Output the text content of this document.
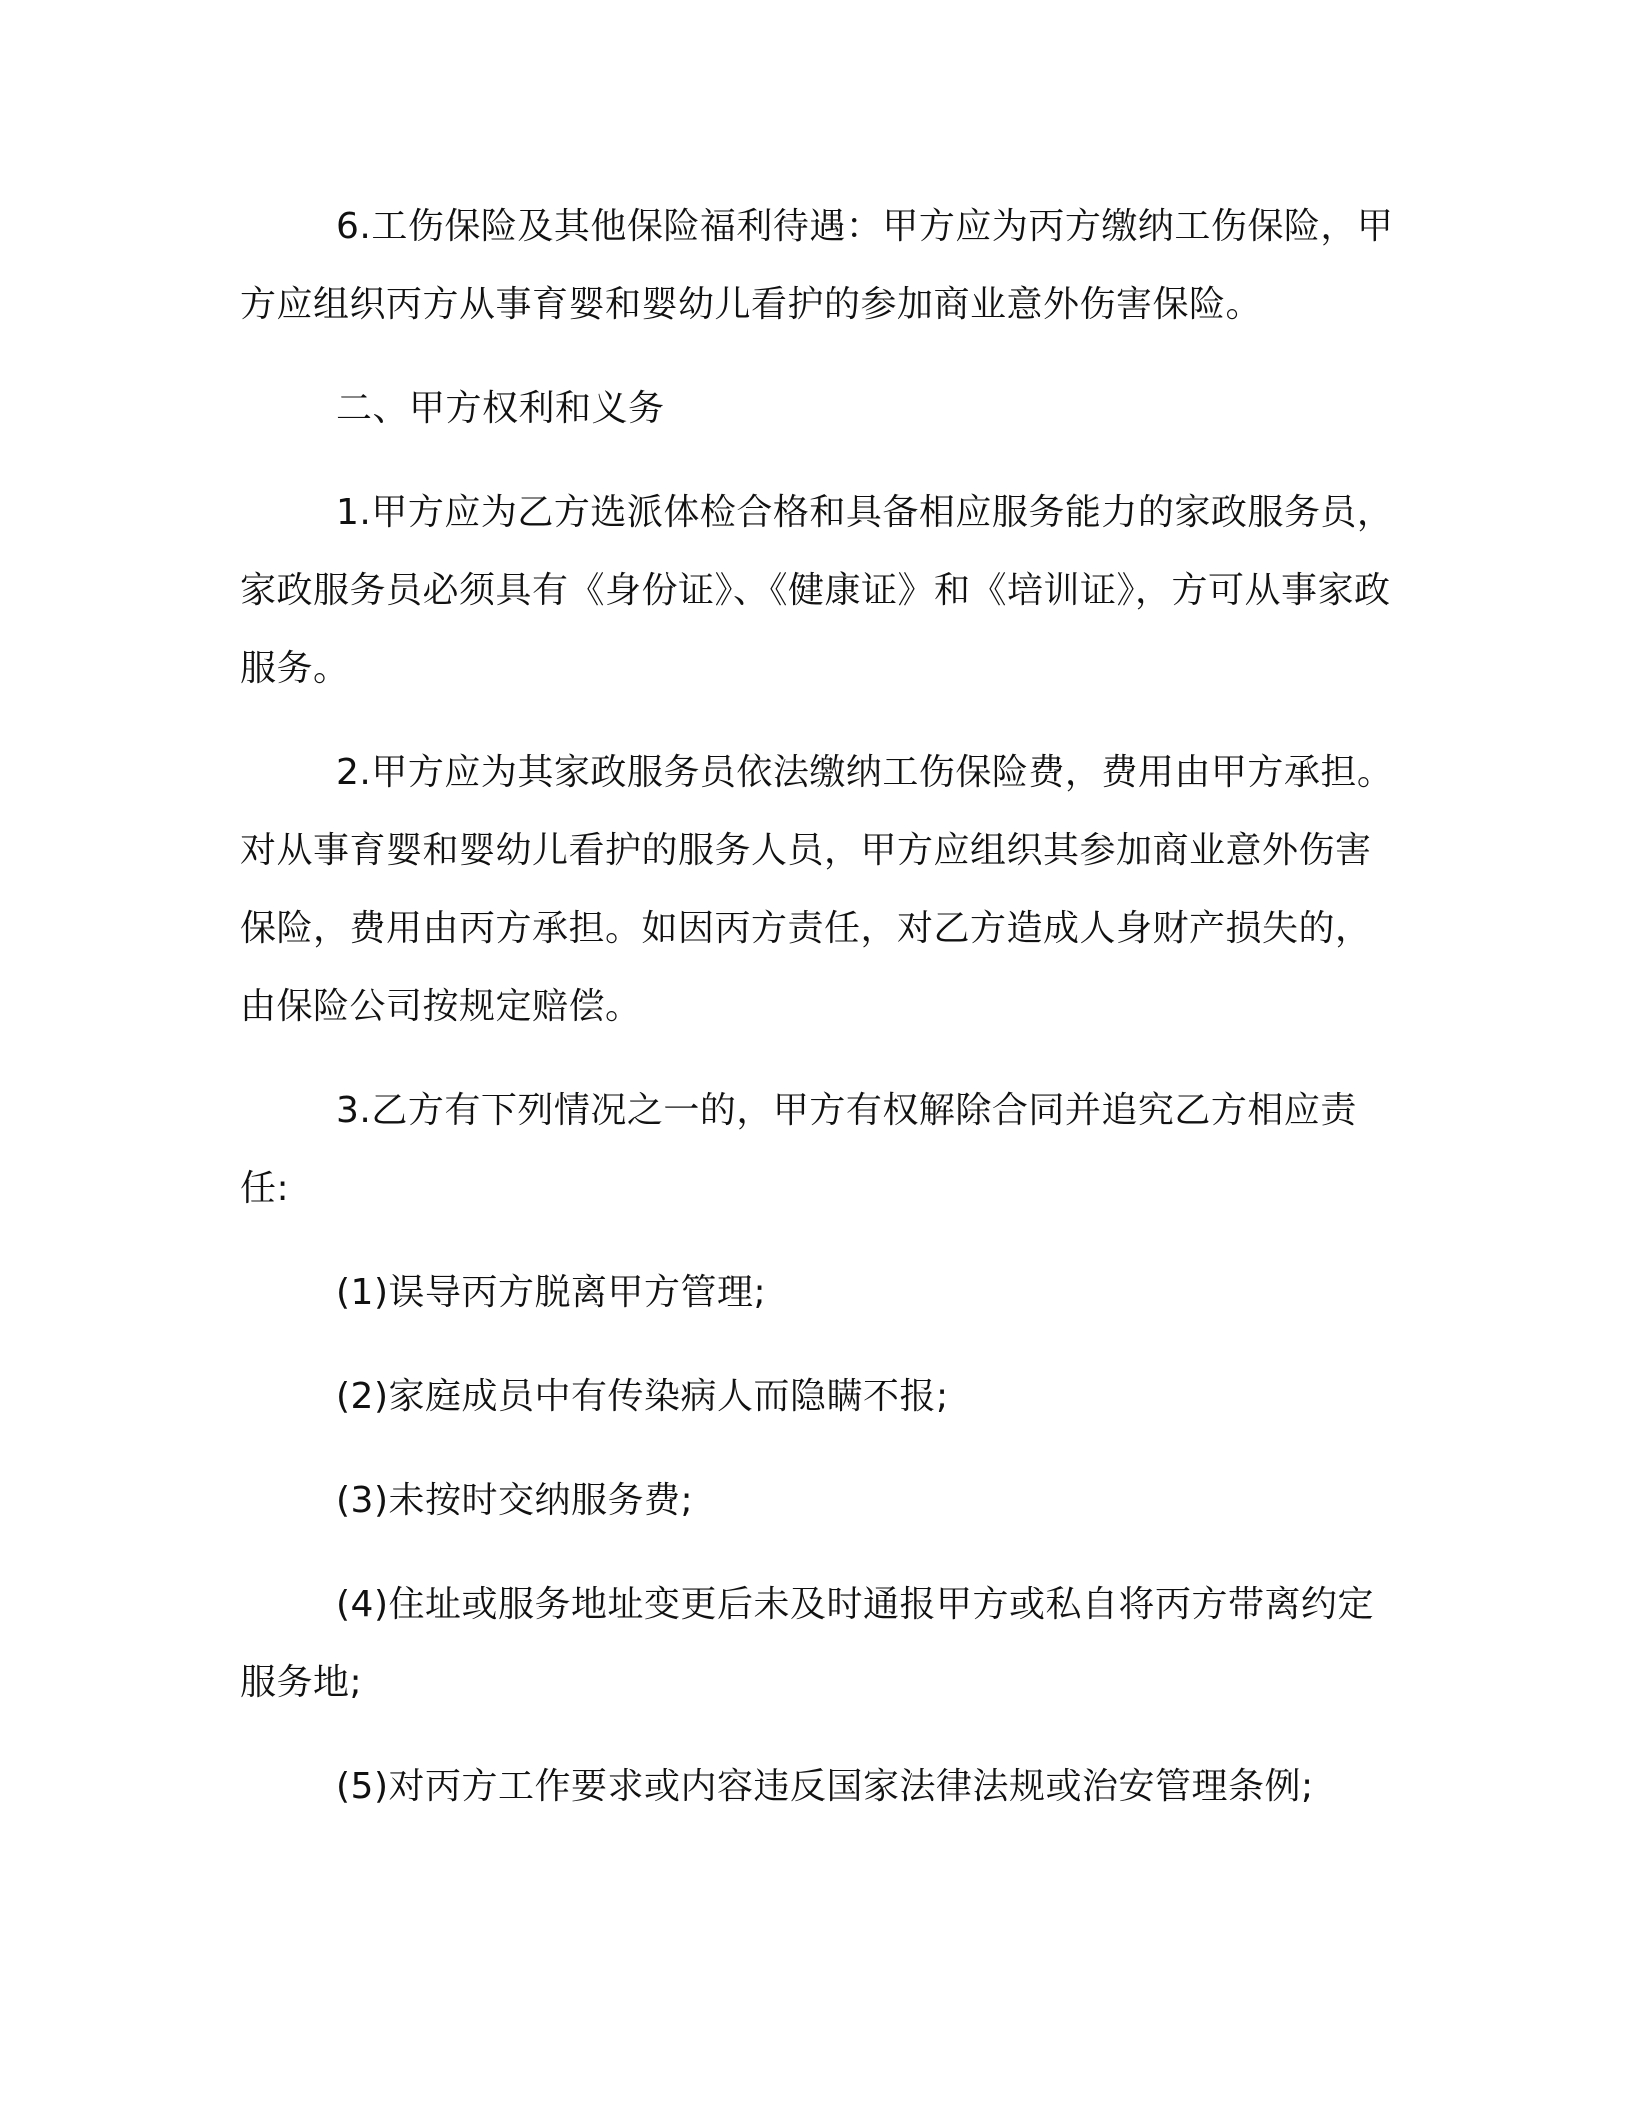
6.工伤保险及其他保险福利待遇：甲方应为丙方缴纳工伤保险，甲方应组织丙方从事育婴和婴幼儿看护的参加商业意外伤害保险。

二、甲方权利和义务

1.甲方应为乙方选派体检合格和具备相应服务能力的家政服务员，家政服务员必须具有《身份证》、《健康证》和《培训证》，方可从事家政服务。

2.甲方应为其家政服务员依法缴纳工伤保险费，费用由甲方承担。对从事育婴和婴幼儿看护的服务人员，甲方应组织其参加商业意外伤害保险，费用由丙方承担。如因丙方责任，对乙方造成人身财产损失的，由保险公司按规定赔偿。

3.乙方有下列情况之一的，甲方有权解除合同并追究乙方相应责任:

(1)误导丙方脱离甲方管理;

(2)家庭成员中有传染病人而隐瞒不报;

(3)未按时交纳服务费;

(4)住址或服务地址变更后未及时通报甲方或私自将丙方带离约定服务地;

(5)对丙方工作要求或内容违反国家法律法规或治安管理条例;
